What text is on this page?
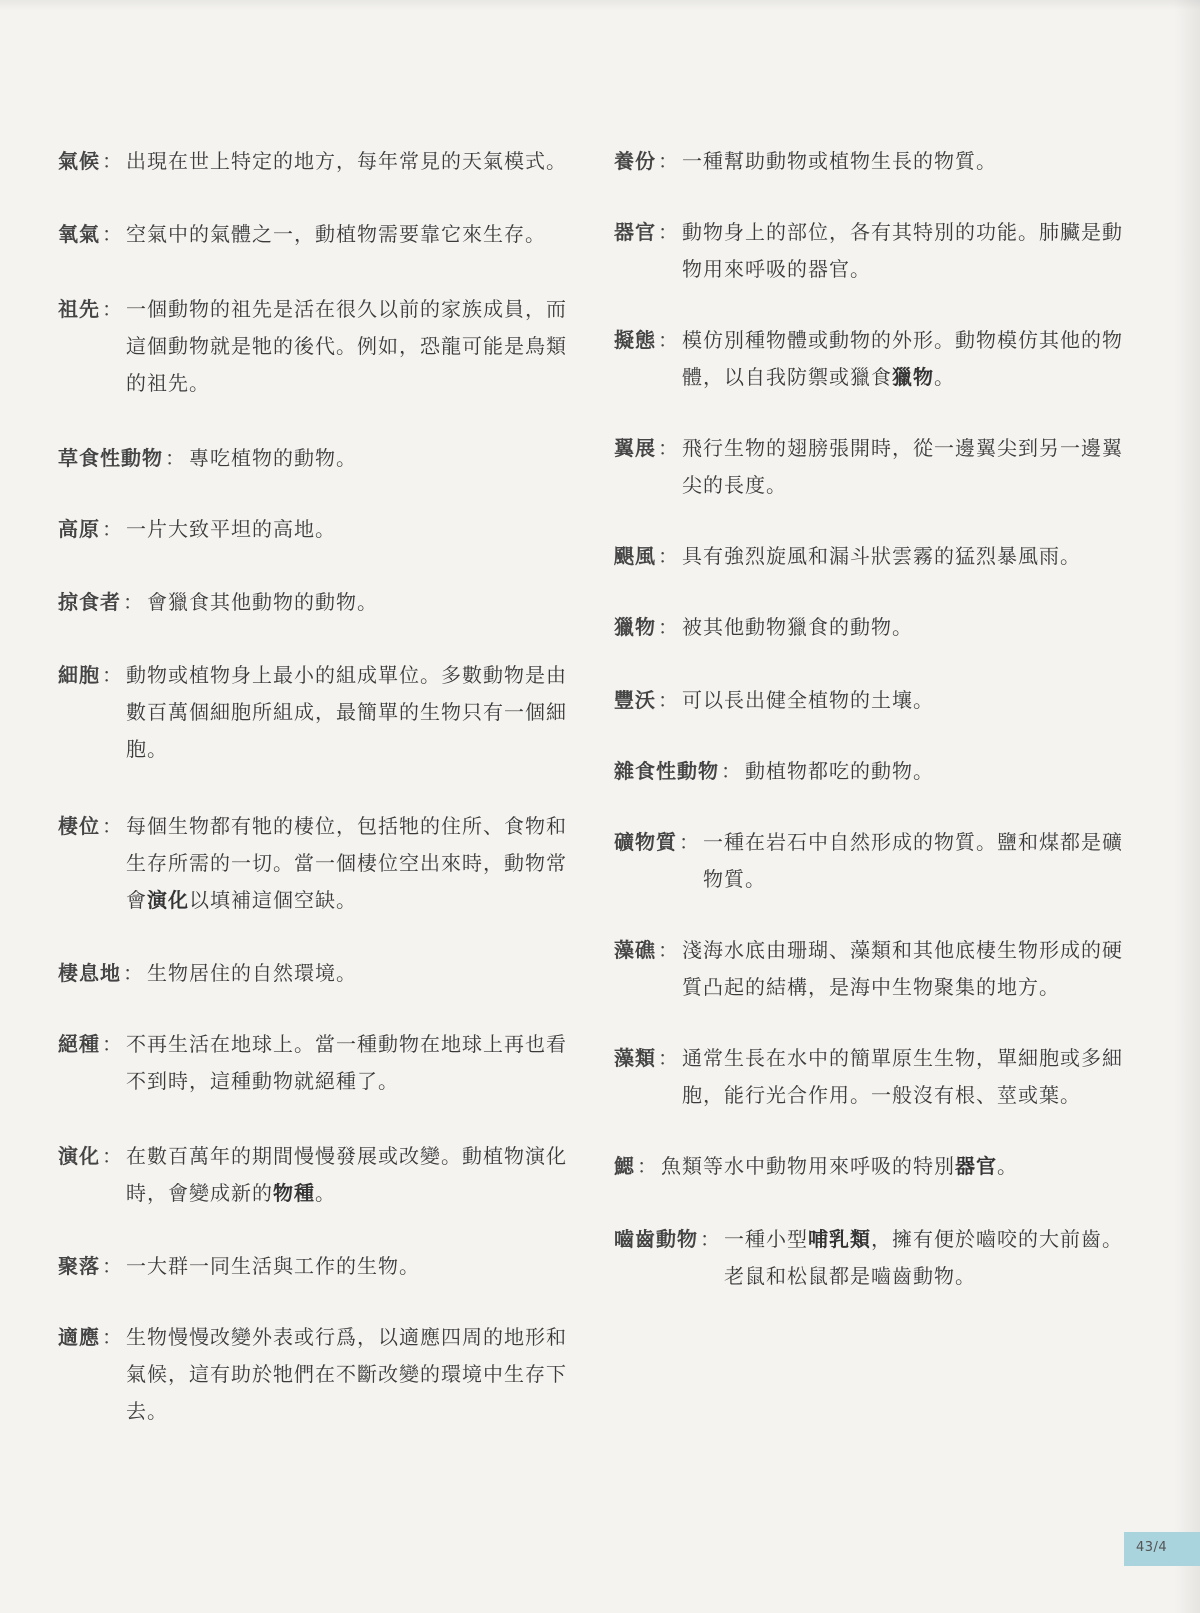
氣候 ： 出現在世上特定的地方，每年常見的天氣模式。
氧氣 ： 空氣中的氣體之一，動植物需要靠它來生存。
祖先 ： 一個動物的祖先是活在很久以前的家族成員，而這個動物就是牠的後代。例如，恐龍可能是鳥類的祖先。
草食性動物 ： 專吃植物的動物。
高原 ： 一片大致平坦的高地。
掠食者 ： 會獵食其他動物的動物。
細胞 ： 動物或植物身上最小的組成單位。多數動物是由數百萬個細胞所組成，最簡單的生物只有一個細胞。
棲位 ： 每個生物都有牠的棲位，包括牠的住所、食物和生存所需的一切。當一個棲位空出來時，動物常會演化以填補這個空缺。
棲息地 ： 生物居住的自然環境。
絕種 ： 不再生活在地球上。當一種動物在地球上再也看不到時，這種動物就絕種了。
演化 ： 在數百萬年的期間慢慢發展或改變。動植物演化時，會變成新的物種。
聚落 ： 一大群一同生活與工作的生物。
適應 ： 生物慢慢改變外表或行爲，以適應四周的地形和氣候，這有助於牠們在不斷改變的環境中生存下去。
養份 ： 一種幫助動物或植物生長的物質。
器官 ： 動物身上的部位，各有其特別的功能。肺臟是動物用來呼吸的器官。
擬態 ： 模仿別種物體或動物的外形。動物模仿其他的物體，以自我防禦或獵食獵物。
翼展 ： 飛行生物的翅膀張開時，從一邊翼尖到另一邊翼尖的長度。
颶風 ： 具有強烈旋風和漏斗狀雲霧的猛烈暴風雨。
獵物 ： 被其他動物獵食的動物。
豐沃 ： 可以長出健全植物的土壤。
雜食性動物 ： 動植物都吃的動物。
礦物質 ： 一種在岩石中自然形成的物質。鹽和煤都是礦物質。
藻礁 ： 淺海水底由珊瑚、藻類和其他底棲生物形成的硬質凸起的結構，是海中生物聚集的地方。
藻類 ： 通常生長在水中的簡單原生生物，單細胞或多細胞，能行光合作用。一般沒有根、莖或葉。
鰓 ： 魚類等水中動物用來呼吸的特別器官。
嚙齒動物 ： 一種小型哺乳類，擁有便於嚙咬的大前齒。老鼠和松鼠都是嚙齒動物。
43/4
